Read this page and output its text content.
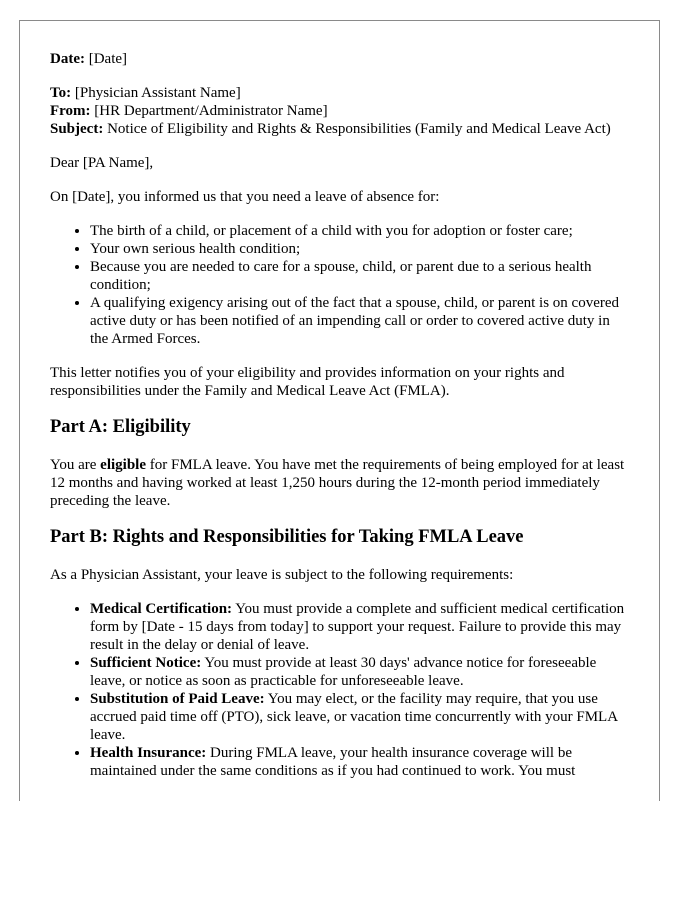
Date: [Date]

To: [Physician Assistant Name]

From: [HR Department/Administrator Name]

Subject: Notice of Eligibility and Rights & Responsibilities (Family and Medical Leave Act)

Dear [PA Name],

On [Date], you informed us that you need a leave of absence for:

• The birth of a child, or placement of a child with you for adoption or foster care;
• Your own serious health condition;
• Because you are needed to care for a spouse, child, or parent due to a serious health condition;
• A qualifying exigency arising out of the fact that a spouse, child, or parent is on covered active duty or has been notified of an impending call or order to covered active duty in the Armed Forces.

This letter notifies you of your eligibility and provides information on your rights and responsibilities under the Family and Medical Leave Act (FMLA).

Part A: Eligibility

You are eligible for FMLA leave. You have met the requirements of being employed for at least 12 months and having worked at least 1,250 hours during the 12-month period immediately preceding the leave.

Part B: Rights and Responsibilities for Taking FMLA Leave

As a Physician Assistant, your leave is subject to the following requirements:

• Medical Certification: You must provide a complete and sufficient medical certification form by [Date - 15 days from today] to support your request. Failure to provide this may result in the delay or denial of leave.
• Sufficient Notice: You must provide at least 30 days' advance notice for foreseeable leave, or notice as soon as practicable for unforeseeable leave.
• Substitution of Paid Leave: You may elect, or the facility may require, that you use accrued paid time off (PTO), sick leave, or vacation time concurrently with your FMLA leave.
• Health Insurance: During FMLA leave, your health insurance coverage will be maintained under the same conditions as if you had continued to work. You must
